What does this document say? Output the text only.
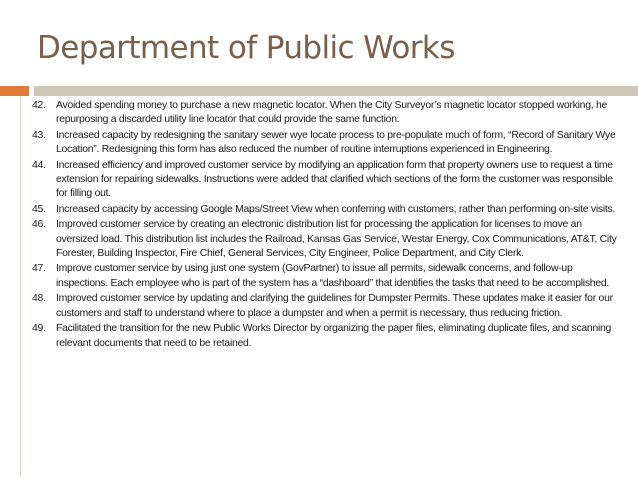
Department of Public Works
42. Avoided spending money to purchase a new magnetic locator. When the City Surveyor’s magnetic locator stopped working, he repurposing a discarded utility line locator that could provide the same function.
43. Increased capacity by redesigning the sanitary sewer wye locate process to pre-populate much of form, “Record of Sanitary Wye Location”. Redesigning this form has also reduced the number of routine interruptions experienced in Engineering.
44. Increased efficiency and improved customer service by modifying an application form that property owners use to request a time extension for repairing sidewalks. Instructions were added that clarified which sections of the form the customer was responsible for filling out.
45. Increased capacity by accessing Google Maps/Street View when conferring with customers, rather than performing on-site visits.
46. Improved customer service by creating an electronic distribution list for processing the application for licenses to move an oversized load. This distribution list includes the Railroad, Kansas Gas Service, Westar Energy, Cox Communications, AT&T, City Forester, Building Inspector, Fire Chief, General Services, City Engineer, Police Department, and City Clerk.
47. Improve customer service by using just one system (GovPartner) to issue all permits, sidewalk concerns, and follow-up inspections. Each employee who is part of the system has a “dashboard” that identifies the tasks that need to be accomplished.
48. Improved customer service by updating and clarifying the guidelines for Dumpster Permits. These updates make it easier for our customers and staff to understand where to place a dumpster and when a permit is necessary, thus reducing friction.
49. Facilitated the transition for the new Public Works Director by organizing the paper files, eliminating duplicate files, and scanning relevant documents that need to be retained.
